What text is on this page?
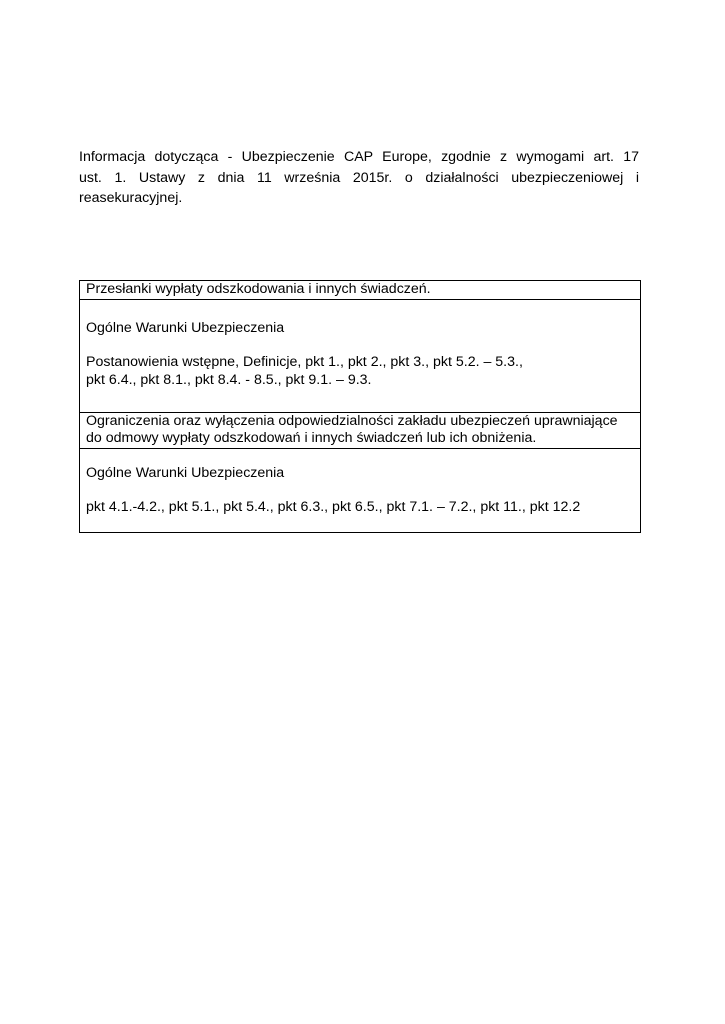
Informacja dotycząca - Ubezpieczenie CAP Europe, zgodnie z wymogami art. 17
ust. 1. Ustawy z dnia 11 września 2015r. o działalności ubezpieczeniowej i
reasekuracyjnej.

Przesłanki wypłaty odszkodowania i innych świadczeń.

Ogólne Warunki Ubezpieczenia
Postanowienia wstępne, Definicje, pkt 1., pkt 2., pkt 3., pkt 5.2. – 5.3.,
pkt 6.4., pkt 8.1., pkt 8.4. - 8.5., pkt 9.1. – 9.3.

Ograniczenia oraz wyłączenia odpowiedzialności zakładu ubezpieczeń uprawniające
do odmowy wypłaty odszkodowań i innych świadczeń lub ich obniżenia.

Ogólne Warunki Ubezpieczenia
pkt 4.1.-4.2., pkt 5.1., pkt 5.4., pkt 6.3., pkt 6.5., pkt 7.1. – 7.2., pkt 11., pkt 12.2
